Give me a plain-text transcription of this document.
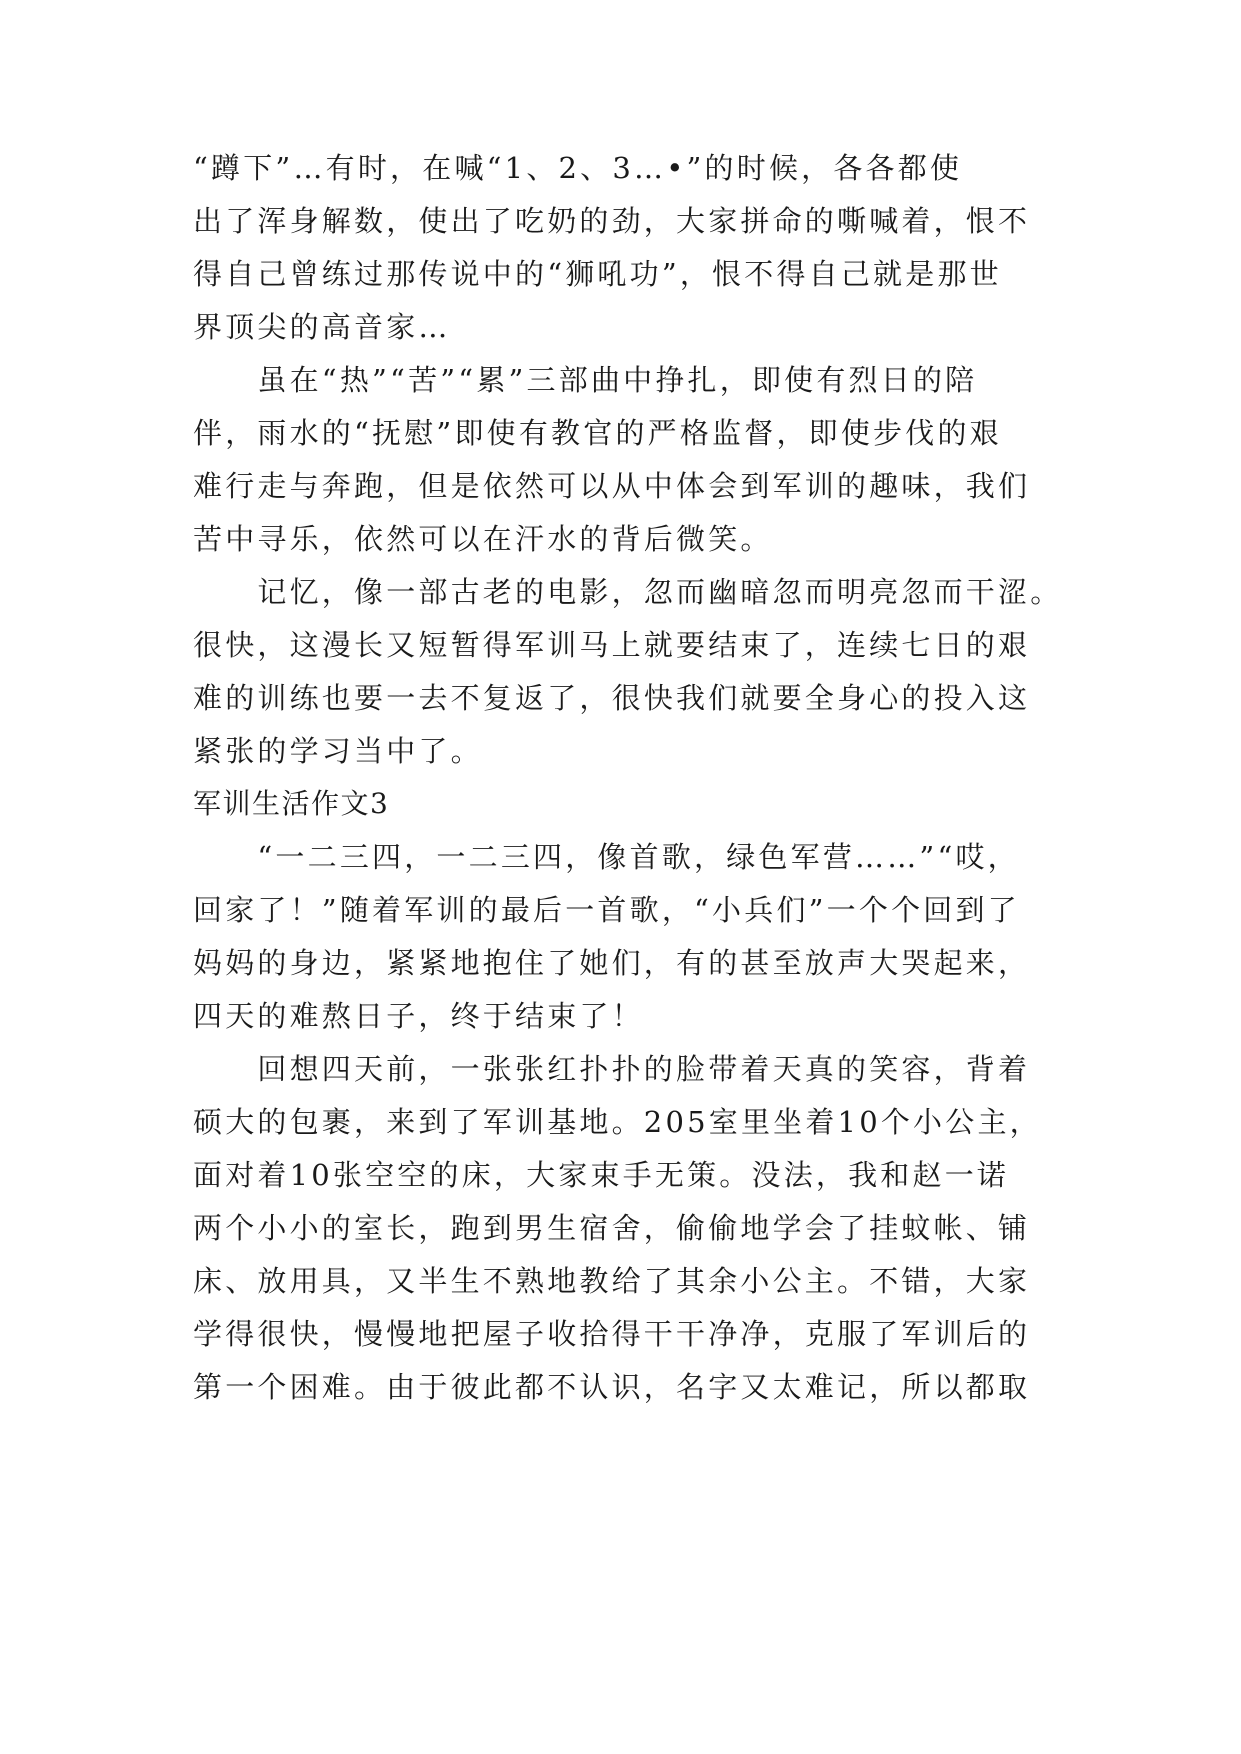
“蹲下”…有时，在喊“1、2、3…•”的时候，各各都使
出了浑身解数，使出了吃奶的劲，大家拼命的嘶喊着，恨不
得自己曾练过那传说中的“狮吼功”，恨不得自己就是那世
界顶尖的高音家…
　　虽在“热”“苦”“累”三部曲中挣扎，即使有烈日的陪
伴，雨水的“抚慰”即使有教官的严格监督，即使步伐的艰
难行走与奔跑，但是依然可以从中体会到军训的趣味，我们
苦中寻乐，依然可以在汗水的背后微笑。
　　记忆，像一部古老的电影，忽而幽暗忽而明亮忽而干涩。
很快，这漫长又短暂得军训马上就要结束了，连续七日的艰
难的训练也要一去不复返了，很快我们就要全身心的投入这
紧张的学习当中了。
军训生活作文3
　　“一二三四，一二三四，像首歌，绿色军营……”“哎，
回家了！”随着军训的最后一首歌，“小兵们”一个个回到了
妈妈的身边，紧紧地抱住了她们，有的甚至放声大哭起来，
四天的难熬日子，终于结束了！
　　回想四天前，一张张红扑扑的脸带着天真的笑容，背着
硕大的包裹，来到了军训基地。205室里坐着10个小公主，
面对着10张空空的床，大家束手无策。没法，我和赵一诺
两个小小的室长，跑到男生宿舍，偷偷地学会了挂蚊帐、铺
床、放用具，又半生不熟地教给了其余小公主。不错，大家
学得很快，慢慢地把屋子收拾得干干净净，克服了军训后的
第一个困难。由于彼此都不认识，名字又太难记，所以都取
